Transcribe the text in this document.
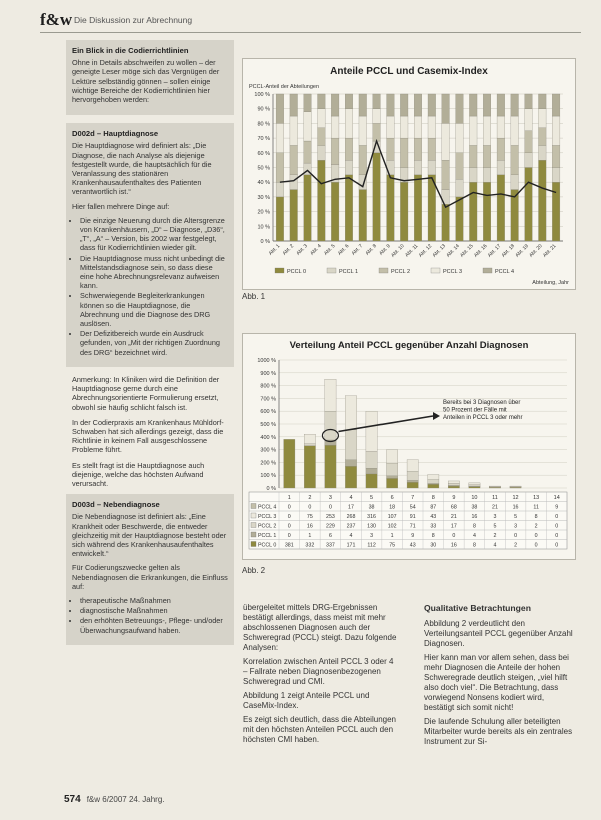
f&w Die Diskussion zur Abrechnung
Ein Blick in die Codierrichtlinien

Ohne in Details abschweifen zu wollen – der geneigte Leser möge sich das Vergnügen der Lektüre selbständig gönnen – sollen einige wichtige Bereiche der Kodierrichtlinien hier hervorgehoben werden:

D002d – Hauptdiagnose

Die Hauptdiagnose wird definiert als: „Die Diagnose, die nach Analyse als diejenige festgestellt wurde, die hauptsächlich für die Veranlassung des stationären Krankenhausaufenthaltes des Patienten verantwortlich ist.“

Hier fallen mehrere Dinge auf:

• Die einzige Neuerung durch die Altersgrenze von Krankenhäusern, „D“ – Diagnose, „D36“, „T“, „A“ – Version, bis 2002 war festgelegt, dass für Kodierrichtlinien wieder gilt.
• Die Hauptdiagnose muss nicht unbedingt die Mittelstandsdiagnose sein, so dass diese eine hohe Abrechnungsrelevanz aufweisen kann.
• Schwerwiegende Begleiterkrankungen können so die Hauptdiagnose, die Abrechnung und die Diagnose des DRG auslösen.
• Der Defizitbereich wurde ein Ausdruck gefunden, von „Mit der richtigen Zuordnung des DRG“ bezeichnet wird.

Anmerkung: In Kliniken wird die Definition der Hauptdiagnose gerne durch eine Abrechnungsorientierte Formulierung ersetzt, obwohl sie häufig schlicht falsch ist.

In der Codierpraxis am Krankenhaus Mühldorf-Schwaben hat sich allerdings gezeigt, dass die Richtlinie in keinem Fall ausgeschlossene Probleme führt.

Es stellt fragt ist die Hauptdiagnose auch diejenige, welche das höchsten Aufwand verursacht.

D003d – Nebendiagnose

Die Nebendiagnose ist definiert als: „Eine Krankheit oder Beschwerde, die entweder gleichzeitig mit der Hauptdiagnose besteht oder sich während des Krankenhausaufenthaltes entwickelt.“

Für Codierungszwecke gelten als Nebendiagnosen die Erkrankungen, die Einfluss auf:

• therapeutische Maßnahmen
• diagnostische Maßnahmen
• den erhöhten Betreuungs-, Pflege- und/oder Überwachungsaufwand haben.
574 f&w 6/2007 24. Jahrg.
Anteile PCCL und Casemix-Index
PCCL-Anteil der Abteilungen
Abteilung, Jahr
0 %
10 %
20 %
30 %
40 %
50 %
60 %
70 %
80 %
90 %
100 %
Abt. 1 Abt. 2 Abt. 3 Abt. 4 Abt. 5 Abt. 6 Abt. 7 Abt. 8 Abt. 9
Abt. 10
Abt. 11
Abt. 12
Abt. 13
Abt. 14
Abt. 15
Abt. 16
Abt. 17
Abt. 18
Abt. 19
Abt. 20
Abt. 21
PCCL 0	PCCL 1	PCCL 2	PCCL 3	PCCL 4
Abb. 1
Verteilung Anteil PCCL gegenüber Anzahl Diagnosen
0 %
100 %
200 %
300 %
400 %
500 %
600 %
700 %
800 %
900 %
1000 %
Bereits bei 3 Diagnosen über 50 Prozent der Fälle mit Anteilen in PCCL 3 oder mehr
1	2	3	4	5	6	7	8	9	10	11	12	13	14
PCCL 4 0	0	0	17	38	18	54	87	68	38	21	16	11	9
PCCL 3 0	75 253 268 316 107 91	43	21	16	3	5	8	0
PCCL 2 0	16 229 237 130 102 71	33	17	8	5	3	2	0
PCCL 1 0	1	6	4	3	1	9	8	0	4	2	0	0	0
PCCL 0 381 332 337 171 112	75	43	30	16	8	4	2	0	0
Abb. 2

übergeleitet mittels DRG-Ergebnissen bestätigt allerdings, dass meist mit mehr abschlossenen Diagnosen auch der Schweregrad (PCCL) steigt. Dazu folgende Analysen:

Korrelation zwischen Anteil PCCL 3 oder 4 – Fallrate neben Diagnosenbezogenen Schweregrad und CMI.

Abbildung 1 zeigt Anteile PCCL und CaseMix-Index.

Es zeigt sich deutlich, dass die Abteilungen mit den höchsten Anteilen PCCL auch den höchsten CMI haben.

Qualitative Betrachtungen

Abbildung 2 verdeutlicht den Verteilungsanteil PCCL gegenüber Anzahl Diagnosen.

Hier kann man vor allem sehen, dass bei mehr Diagnosen die Anteile der hohen Schweregrade deutlich steigen, „viel hilft also doch viel“. Die Betrachtung, dass vorwiegend Nonsens kodiert wird, bestätigt sich somit nicht!

Die laufende Schulung aller beteiligten Mitarbeiter wurde bereits als ein zentrales Instrument zur Si-
